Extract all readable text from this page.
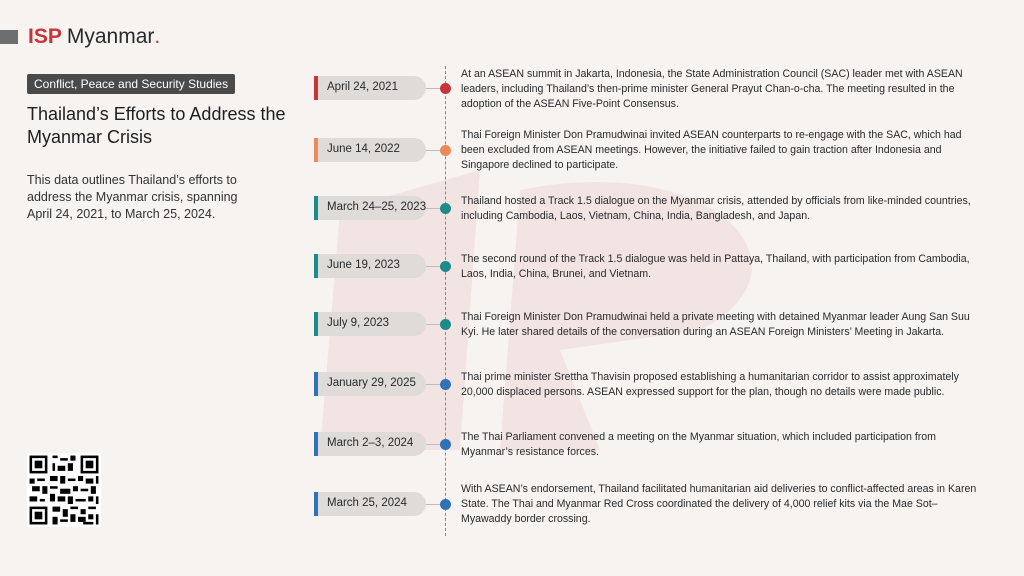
ISP Myanmar .
Conflict, Peace and Security Studies
Thailand’s Efforts to Address the Myanmar Crisis
This data outlines Thailand’s efforts to address the Myanmar crisis, spanning April 24, 2021, to March 25, 2024.
April 24, 2021
At an ASEAN summit in Jakarta, Indonesia, the State Administration Council (SAC) leader met with ASEAN leaders, including Thailand’s then-prime minister General Prayut Chan-o-cha. The meeting resulted in the adoption of the ASEAN Five-Point Consensus.
June 14, 2022
Thai Foreign Minister Don Pramudwinai invited ASEAN counterparts to re-engage with the SAC, which had been excluded from ASEAN meetings. However, the initiative failed to gain traction after Indonesia and Singapore declined to participate.
March 24–25, 2023	Thailand hosted a Track 1.5 dialogue on the Myanmar crisis, attended by officials from like-minded countries, including Cambodia, Laos, Vietnam, China, India, Bangladesh, and Japan.
June 19, 2023	The second round of the Track 1.5 dialogue was held in Pattaya, Thailand, with participation from Cambodia, Laos, India, China, Brunei, and Vietnam.
July 9, 2023	Thai Foreign Minister Don Pramudwinai held a private meeting with detained Myanmar leader Aung San Suu Kyi. He later shared details of the conversation during an ASEAN Foreign Ministers’ Meeting in Jakarta.
January 29, 2025	Thai prime minister Srettha Thavisin proposed establishing a humanitarian corridor to assist approximately 20,000 displaced persons. ASEAN expressed support for the plan, though no details were made public.
March 2–3, 2024	The Thai Parliament convened a meeting on the Myanmar situation, which included participation from Myanmar’s resistance forces.
March 25, 2024
With ASEAN’s endorsement, Thailand facilitated humanitarian aid deliveries to conflict-affected areas in Karen State. The Thai and Myanmar Red Cross coordinated the delivery of 4,000 relief kits via the Mae Sot–Myawaddy border crossing.
